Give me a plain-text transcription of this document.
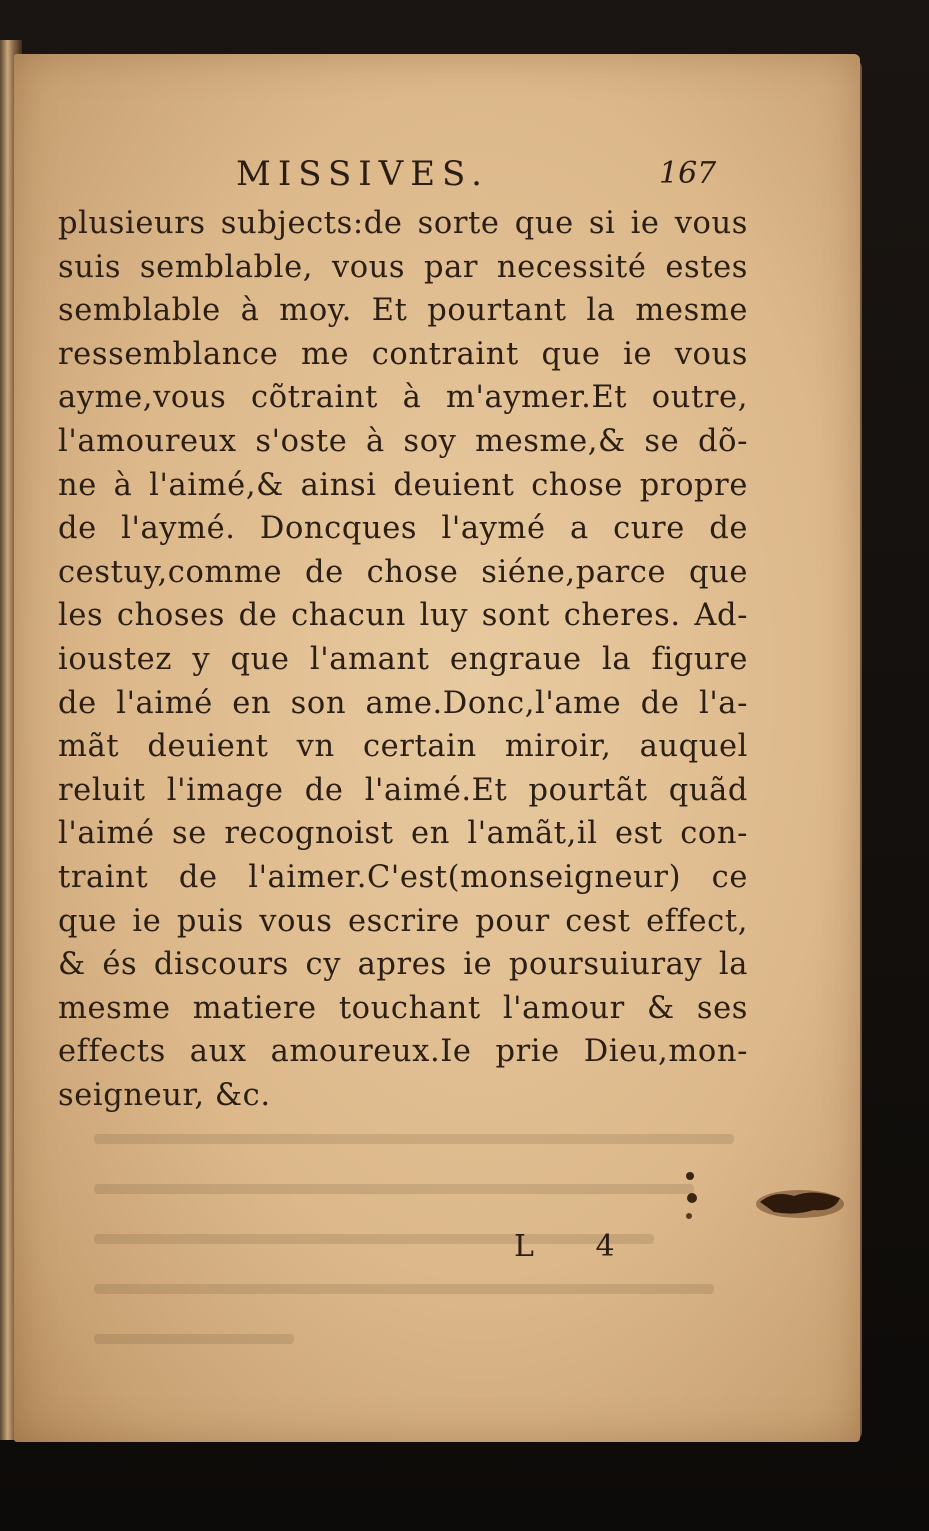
MISSIVES.	167
plusieurs subjects:de sorte que si ie vous
suis semblable, vous par necessité estes
semblable à moy. Et pourtant la mesme
ressemblance me contraint que ie vous
ayme,vous cõtraint à m'aymer.Et outre,
l'amoureux s'oste à soy mesme,& se dõ-
ne à l'aimé,& ainsi deuient chose propre
de l'aymé. Doncques l'aymé a cure de
cestuy,comme de chose siéne,parce que
les choses de chacun luy sont cheres. Ad-
ioustez y que l'amant engraue la figure
de l'aimé en son ame.Donc,l'ame de l'a-
mãt deuient vn certain miroir, auquel
reluit l'image de l'aimé.Et pourtãt quãd
l'aimé se recognoist en l'amãt,il est con-
traint de l'aimer.C'est(monseigneur) ce
que ie puis vous escrire pour cest effect,
& és discours cy apres ie poursuiuray la
mesme matiere touchant l'amour & ses
effects aux amoureux.Ie prie Dieu,mon-
seigneur, &c.
L 4
